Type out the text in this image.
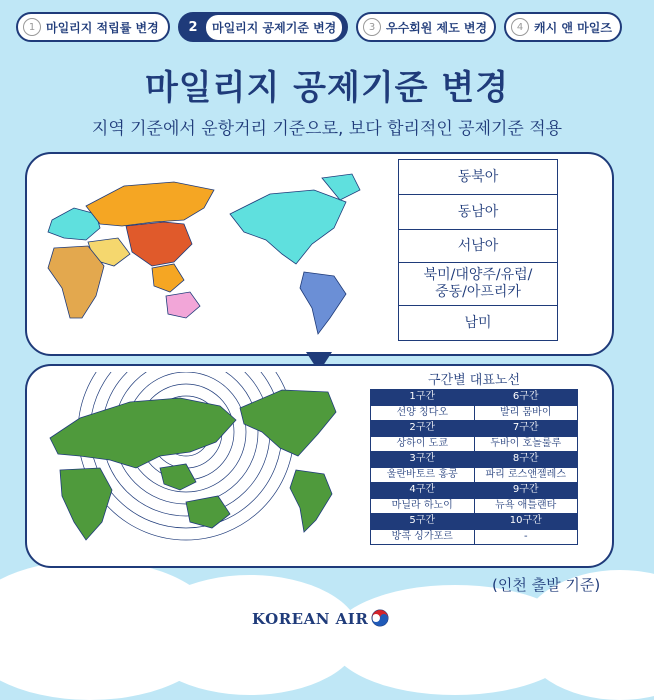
1 마일리지 적립률 변경 2	마일리지 공제기준 변경	3 우수회원 제도 변경	4 캐시 앤 마일즈
마일리지 공제기준 변경
지역 기준에서 운항거리 기준으로, 보다 합리적인 공제기준 적용
동북아
동남아
서남아
북미/대양주/유럽/
중동/아프리카
남미
구간별 대표노선
1구간	6구간
선양 칭다오	발리 뭄바이
2구간	7구간
상하이 도쿄	두바이 호놀룰루
3구간	8구간
울란바토르 홍콩	파리 로스앤젤레스
4구간	9구간
마닐라 하노이	뉴욕 애틀랜타
5구간	10구간
방콕 싱가포르	-
(인천 출발 기준)
KOREAN AIR
